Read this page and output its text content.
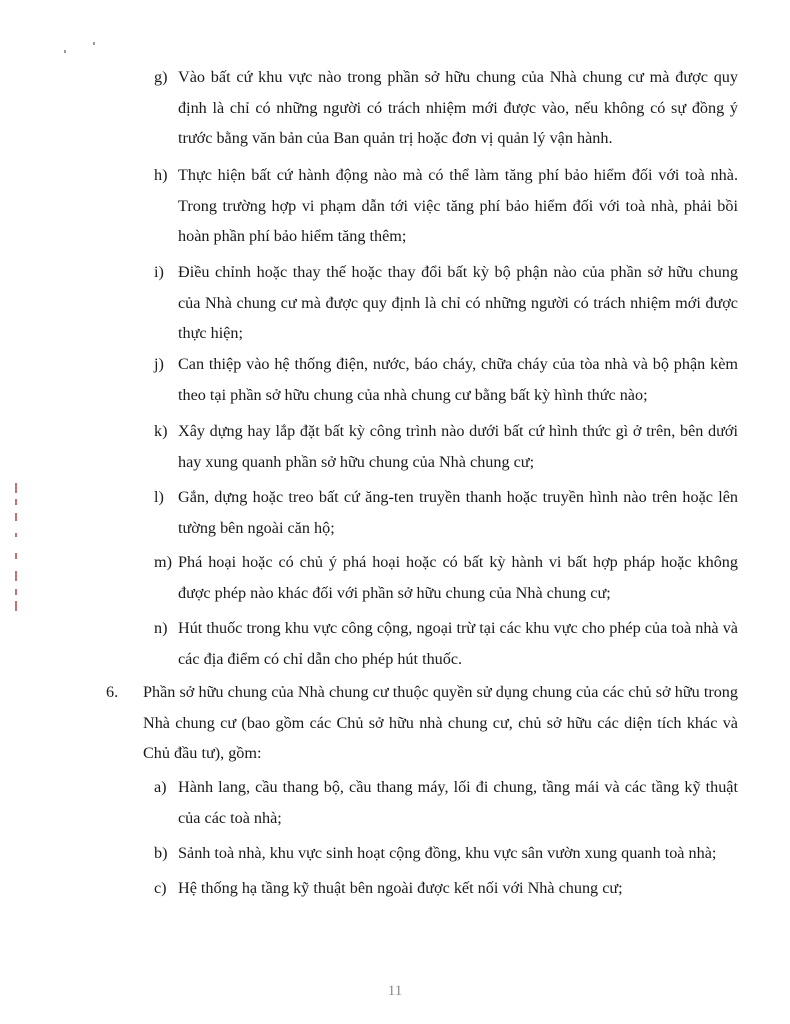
g) Vào bất cứ khu vực nào trong phần sở hữu chung của Nhà chung cư mà được quy định là chỉ có những người có trách nhiệm mới được vào, nếu không có sự đồng ý trước bằng văn bản của Ban quản trị hoặc đơn vị quản lý vận hành.
h) Thực hiện bất cứ hành động nào mà có thể làm tăng phí bảo hiểm đối với toà nhà. Trong trường hợp vi phạm dẫn tới việc tăng phí bảo hiểm đối với toà nhà, phải bồi hoàn phần phí bảo hiểm tăng thêm;
i) Điều chỉnh hoặc thay thế hoặc thay đổi bất kỳ bộ phận nào của phần sở hữu chung của Nhà chung cư mà được quy định là chỉ có những người có trách nhiệm mới được thực hiện;
j) Can thiệp vào hệ thống điện, nước, báo cháy, chữa cháy của tòa nhà và bộ phận kèm theo tại phần sở hữu chung của nhà chung cư bằng bất kỳ hình thức nào;
k) Xây dựng hay lắp đặt bất kỳ công trình nào dưới bất cứ hình thức gì ở trên, bên dưới hay xung quanh phần sở hữu chung của Nhà chung cư;
l) Gắn, dựng hoặc treo bất cứ ăng-ten truyền thanh hoặc truyền hình nào trên hoặc lên tường bên ngoài căn hộ;
m) Phá hoại hoặc có chủ ý phá hoại hoặc có bất kỳ hành vi bất hợp pháp hoặc không được phép nào khác đối với phần sở hữu chung của Nhà chung cư;
n) Hút thuốc trong khu vực công cộng, ngoại trừ tại các khu vực cho phép của toà nhà và các địa điểm có chỉ dẫn cho phép hút thuốc.
6. Phần sở hữu chung của Nhà chung cư thuộc quyền sử dụng chung của các chủ sở hữu trong Nhà chung cư (bao gồm các Chủ sở hữu nhà chung cư, chủ sở hữu các diện tích khác và Chủ đầu tư), gồm:
a) Hành lang, cầu thang bộ, cầu thang máy, lối đi chung, tầng mái và các tầng kỹ thuật của các toà nhà;
b) Sảnh toà nhà, khu vực sinh hoạt cộng đồng, khu vực sân vườn xung quanh toà nhà;
c) Hệ thống hạ tầng kỹ thuật bên ngoài được kết nối với Nhà chung cư;
11
